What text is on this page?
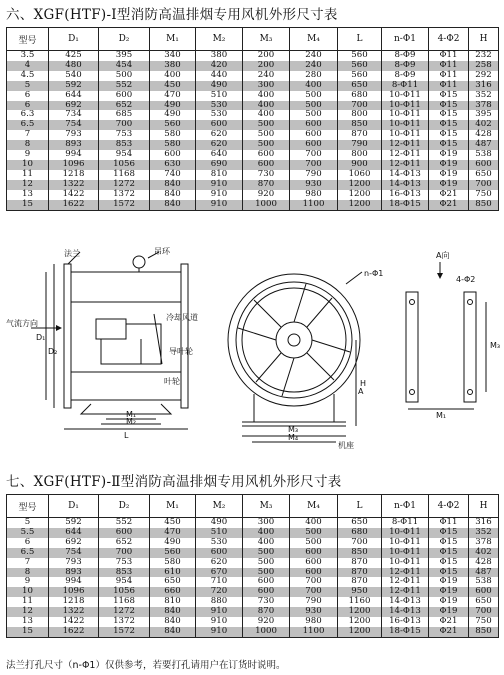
六、XGF(HTF)-Ⅰ型消防高温排烟专用风机外形尺寸表
型号	D₁	D₂	M₁	M₂	M₃	M₄	L	n-Φ1	4-Φ2	H
3.5	425	395	340	380	200	240	560	8-Φ9	Φ11	232
4	480	454	380	420	200	240	560	8-Φ9	Φ11	258
4.5	540	500	400	440	240	280	560	8-Φ9	Φ11	292
5	592	552	450	490	300	400	650	8-Φ11	Φ11	316
6	644	600	470	510	400	500	680	10-Φ11	Φ15	352
6	692	652	490	530	400	500	700	10-Φ11	Φ15	378
6.3	734	685	490	530	400	500	800	10-Φ11	Φ15	395
6.5	754	700	560	600	500	600	850	10-Φ11	Φ15	402
7	793	753	580	620	500	600	870	10-Φ11	Φ15	428
8	893	853	580	620	500	600	790	12-Φ11	Φ15	487
9	994	954	600	640	600	700	800	12-Φ11	Φ19	538
10	1096	1056	630	690	600	700	900	12-Φ11	Φ19	600
11	1218	1168	740	810	730	790	1060	14-Φ13	Φ19	650
12	1322	1272	840	910	870	930	1200	14-Φ13	Φ19	700
13	1422	1372	840	910	920	980	1200	16-Φ13	Φ21	750
15	1622	1572	840	910	1000	1100	1200	18-Φ15	Φ21	850
法兰	吊环
气流方向
冷却风道
导叶轮
叶轮
机座
n-Φ1
4-Φ2
A向
A
D₁
D₂
L
M₁
M₂
M₃
M₄
H
M₁
M₃
七、XGF(HTF)-Ⅱ型消防高温排烟专用风机外形尺寸表
型号	D₁	D₂	M₁	M₂	M₃	M₄	L	n-Φ1	4-Φ2	H
5	592	552	450	490	300	400	650	8-Φ11	Φ11	316
5.5	644	600	470	510	400	500	680	10-Φ11	Φ15	352
6	692	652	490	530	400	500	700	10-Φ11	Φ15	378
6.5	754	700	560	600	500	600	850	10-Φ11	Φ15	402
7	793	753	580	620	500	600	870	10-Φ11	Φ15	428
8	893	853	610	670	500	600	870	12-Φ11	Φ15	487
9	994	954	650	710	600	700	870	12-Φ11	Φ19	538
10	1096	1056	660	720	600	700	950	12-Φ11	Φ19	600
11	1218	1168	810	880	730	790	1160	14-Φ13	Φ19	650
12	1322	1272	840	910	870	930	1200	14-Φ13	Φ19	700
13	1422	1372	840	910	920	980	1200	16-Φ13	Φ21	750
15	1622	1572	840	910	1000	1100	1200	18-Φ15	Φ21	850
法兰打孔尺寸（n-Φ1）仅供参考，若要打孔请用户在订货时说明。
